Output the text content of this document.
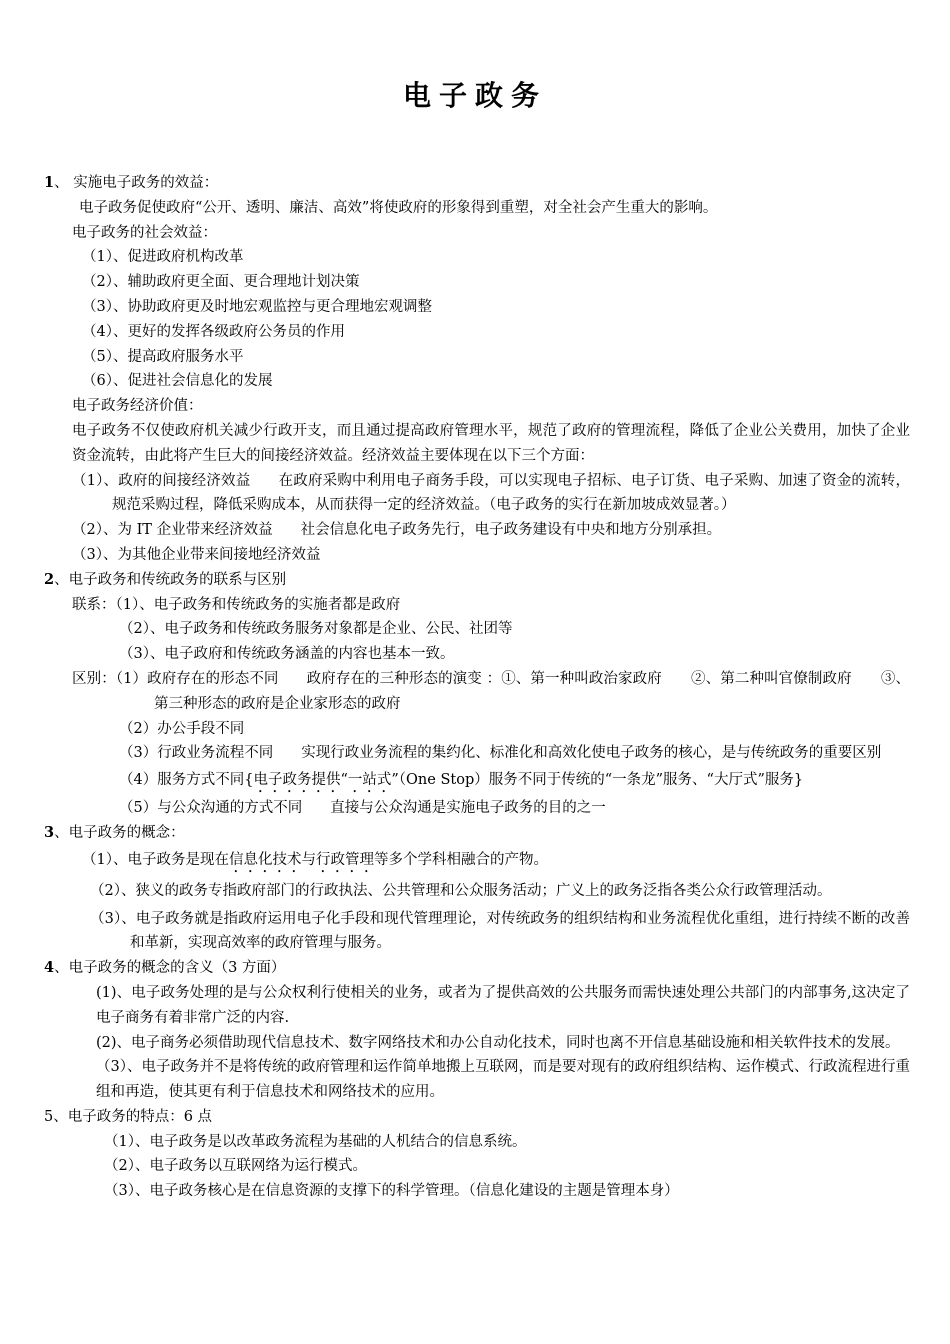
电子政务
1、 实施电子政务的效益：
电子政务促使政府“公开、透明、廉洁、高效”将使政府的形象得到重塑，对全社会产生重大的影响。
电子政务的社会效益：
（1）、促进政府机构改革
（2）、辅助政府更全面、更合理地计划决策
（3）、协助政府更及时地宏观监控与更合理地宏观调整
（4）、更好的发挥各级政府公务员的作用
（5）、提高政府服务水平
（6）、促进社会信息化的发展
电子政务经济价值：
电子政务不仅使政府机关减少行政开支，而且通过提高政府管理水平，规范了政府的管理流程，降低了企业公关费用，加快了企业资金流转，由此将产生巨大的间接经济效益。经济效益主要体现在以下三个方面：
（1）、政府的间接经济效益 在政府采购中利用电子商务手段，可以实现电子招标、电子订货、电子采购、加速了资金的流转，规范采购过程，降低采购成本，从而获得一定的经济效益。（电子政务的实行在新加坡成效显著。）
（2）、为 IT 企业带来经济效益 社会信息化电子政务先行，电子政务建设有中央和地方分别承担。
（3）、为其他企业带来间接地经济效益
2、电子政务和传统政务的联系与区别
联系：（1）、电子政务和传统政务的实施者都是政府
（2）、电子政务和传统政务服务对象都是企业、公民、社团等
（3）、电子政府和传统政务涵盖的内容也基本一致。
区别：（1）政府存在的形态不同 政府存在的三种形态的演变 ：①、第一种叫政治家政府　　②、第二种叫官僚制政府　　③、第三种形态的政府是企业家形态的政府
（2）办公手段不同
（3）行政业务流程不同 实现行政业务流程的集约化、标准化和高效化使电子政务的核心，是与传统政务的重要区别
（4）服务方式不同{电子政务提供“一站式”（One Stop）服务不同于传统的“一条龙”服务、“大厅式”服务}
（5）与公众沟通的方式不同 直接与公众沟通是实施电子政务的目的之一
3、电子政务的概念：
（1）、电子政务是现在信息化技术与行政管理等多个学科相融合的产物。
（2）、狭义的政务专指政府部门的行政执法、公共管理和公众服务活动；广义上的政务泛指各类公众行政管理活动。
（3）、电子政务就是指政府运用电子化手段和现代管理理论，对传统政务的组织结构和业务流程优化重组，进行持续不断的改善和革新，实现高效率的政府管理与服务。
4、电子政务的概念的含义（3 方面）
(1)、电子政务处理的是与公众权利行使相关的业务，或者为了提供高效的公共服务而需快速处理公共部门的内部事务,这决定了电子商务有着非常广泛的内容.
(2)、电子商务必须借助现代信息技术、数字网络技术和办公自动化技术，同时也离不开信息基础设施和相关软件技术的发展。
（3）、电子政务并不是将传统的政府管理和运作简单地搬上互联网，而是要对现有的政府组织结构、运作模式、行政流程进行重组和再造，使其更有利于信息技术和网络技术的应用。
5、电子政务的特点：6 点
（1）、电子政务是以改革政务流程为基础的人机结合的信息系统。
（2）、电子政务以互联网络为运行模式。
（3）、电子政务核心是在信息资源的支撑下的科学管理。（信息化建设的主题是管理本身）
